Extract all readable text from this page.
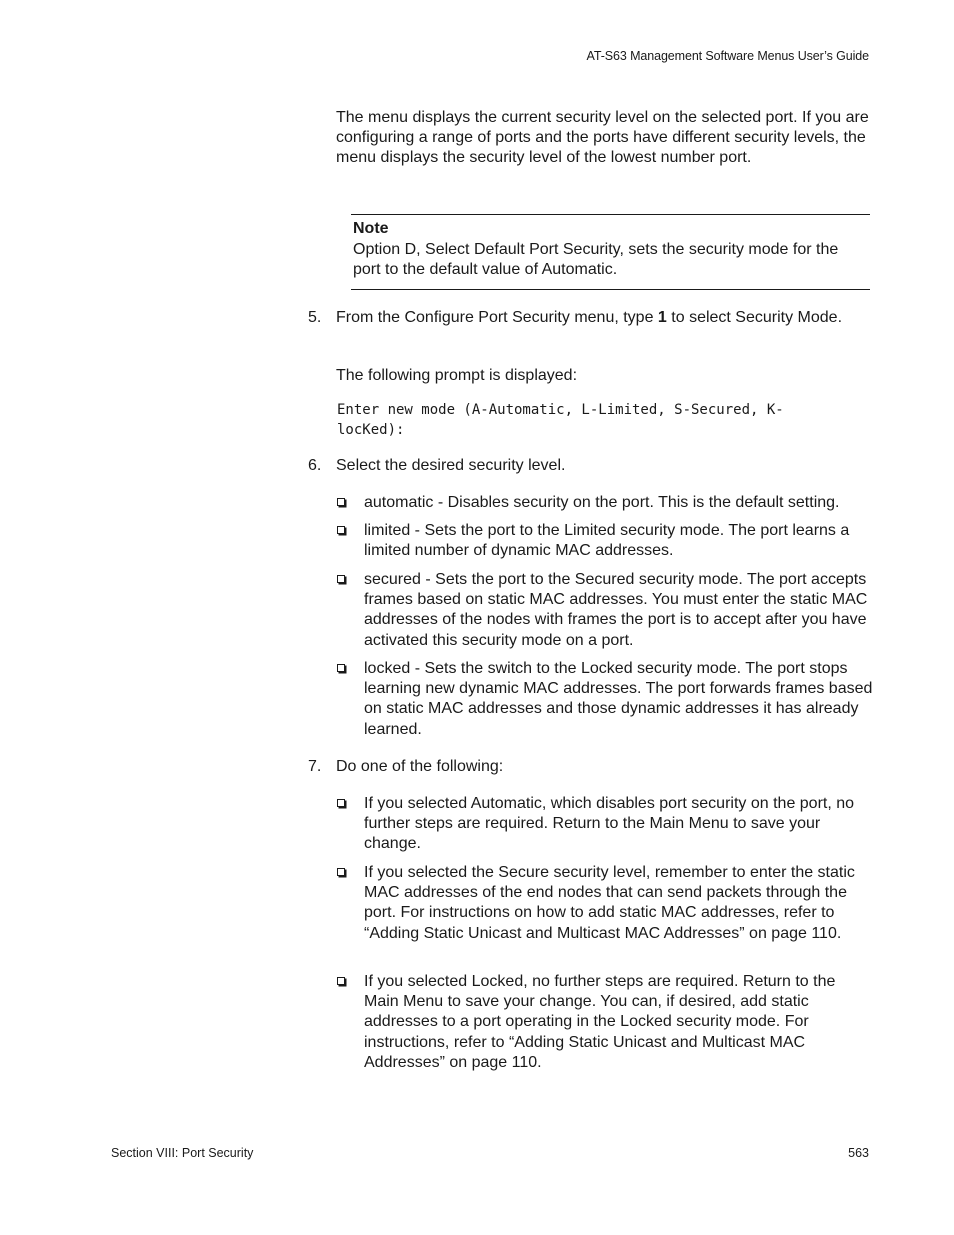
AT-S63 Management Software Menus User’s Guide
The menu displays the current security level on the selected port. If you are configuring a range of ports and the ports have different security levels, the menu displays the security level of the lowest number port.
Note
Option D, Select Default Port Security, sets the security mode for the port to the default value of Automatic.
5. From the Configure Port Security menu, type 1 to select Security Mode.
The following prompt is displayed:
Enter new mode (A-Automatic, L-Limited, S-Secured, K-
locKed):
6. Select the desired security level.
automatic - Disables security on the port. This is the default setting.
limited - Sets the port to the Limited security mode. The port learns a limited number of dynamic MAC addresses.
secured - Sets the port to the Secured security mode. The port accepts frames based on static MAC addresses. You must enter the static MAC addresses of the nodes with frames the port is to accept after you have activated this security mode on a port.
locked - Sets the switch to the Locked security mode. The port stops learning new dynamic MAC addresses. The port forwards frames based on static MAC addresses and those dynamic addresses it has already learned.
7. Do one of the following:
If you selected Automatic, which disables port security on the port, no further steps are required. Return to the Main Menu to save your change.
If you selected the Secure security level, remember to enter the static MAC addresses of the end nodes that can send packets through the port. For instructions on how to add static MAC addresses, refer to “Adding Static Unicast and Multicast MAC Addresses” on page 110.
If you selected Locked, no further steps are required. Return to the Main Menu to save your change. You can, if desired, add static addresses to a port operating in the Locked security mode. For instructions, refer to “Adding Static Unicast and Multicast MAC Addresses” on page 110.
Section VIII: Port Security	563
